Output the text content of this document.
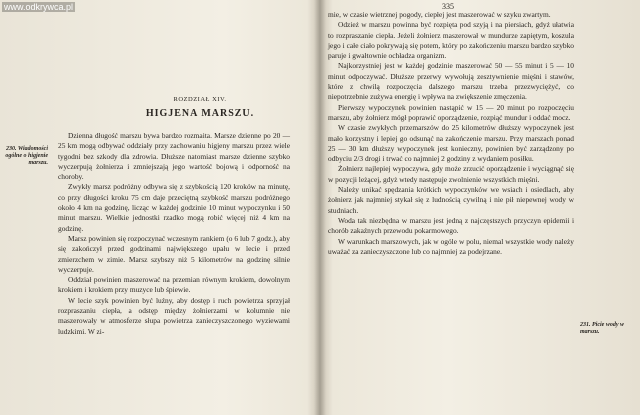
www.odkrywca.pl
ROZDZIAŁ XIV.
HIGJENA MARSZU.
230. Wiadomości ogólne o higjenie marszu.

Dzienna długość marszu bywa bardzo rozmaita. Marsze dzienne po 20 — 25 km mogą odbywać oddziały przy zachowaniu higjeny marszu przez wiele tygodni bez szkody dla zdrowia. Dłuższe natomiast marsze dzienne szybko wyczerpują żołnierza i zmniejszają jego wartość bojową i odporność na choroby.

Zwykły marsz podróżny odbywa się z szybkością 120 kroków na minutę, co przy długości kroku 75 cm daje przeciętną szybkość marszu podróżnego około 4 km na godzinę, licząc w każdej godzinie 10 minut wypoczynku i 50 minut marszu. Wielkie jednostki rzadko mogą robić więcej niż 4 km na godzinę.

Marsz powinien się rozpoczynać wczesnym rankiem (o 6 lub 7 godz.), aby się zakończył przed godzinami największego upału w lecie i przed zmierzchem w zimie. Marsz szybszy niż 5 kilometrów na godzinę silnie wyczerpuje.

Oddział powinien maszerować na przemian równym krokiem, dowolnym krokiem i krokiem przy muzyce lub śpiewie.

W lecie szyk powinien być luźny, aby dostęp i ruch powietrza sprzyjał rozpraszaniu ciepła, a odstęp między żołnierzami w kolumnie nie maszerowały w atmosferze słupa powietrza zanieczyszczonego wyziewami ludzkimi. W zi-

335
231. Picie wody w marszu.

mie, w czasie wietrznej pogody, ciepłej jest maszerować w szyku zwartym.

Odzież w marszu powinna być rozpięta pod szyją i na piersiach, gdyż ułatwia to rozpraszanie ciepła. Jeżeli żołnierz maszerował w mundurze zapiętym, koszula jego i całe ciało pokrywają się potem, który po zakończeniu marszu bardzo szybko paruje i gwałtownie ochładza organizm.

Najkorzystniej jest w każdej godzinie maszerować 50 — 55 minut i 5 — 10 minut odpoczywać. Dłuższe przerwy wywołują zesztywnienie mięśni i stawów, które z chwilą rozpoczęcia dalszego marszu trzeba przezwyciężyć, co niepotrzebnie zużywa energię i wpływa na zwiększenie zmęczenia.

Pierwszy wypoczynek powinien nastąpić w 15 — 20 minut po rozpoczęciu marszu, aby żołnierz mógł poprawić oporządzenie, rozpiąć mundur i oddać mocz.

W czasie zwykłych przemarszów do 25 kilometrów dłuższy wypoczynek jest mało korzystny i lepiej go odsunąć na zakończenie marszu. Przy marszach ponad 25 — 30 km dłuższy wypoczynek jest konieczny, powinien być zarządzony po odbyciu 2/3 drogi i trwać co najmniej 2 godziny z wydaniem posiłku.

Żołnierz najlepiej wypoczywa, gdy może zrzucić oporządzenie i wyciągnąć się w pozycji leżącej, gdyż wtedy następuje zwolnienie wszystkich mięśni.

Należy unikać spędzania krótkich wypoczynków we wsiach i osiedlach, aby żołnierz jak najmniej stykał się z ludnością cywilną i nie pił niepewnej wody w studniach.

Woda tak niezbędna w marszu jest jedną z najczęstszych przyczyn epidemii i chorób zakaźnych przewodu pokarmowego.

W warunkach marszowych, jak w ogóle w polu, niemal wszystkie wody należy uważać za zanieczyszczone lub co najmniej za podejrzane.
